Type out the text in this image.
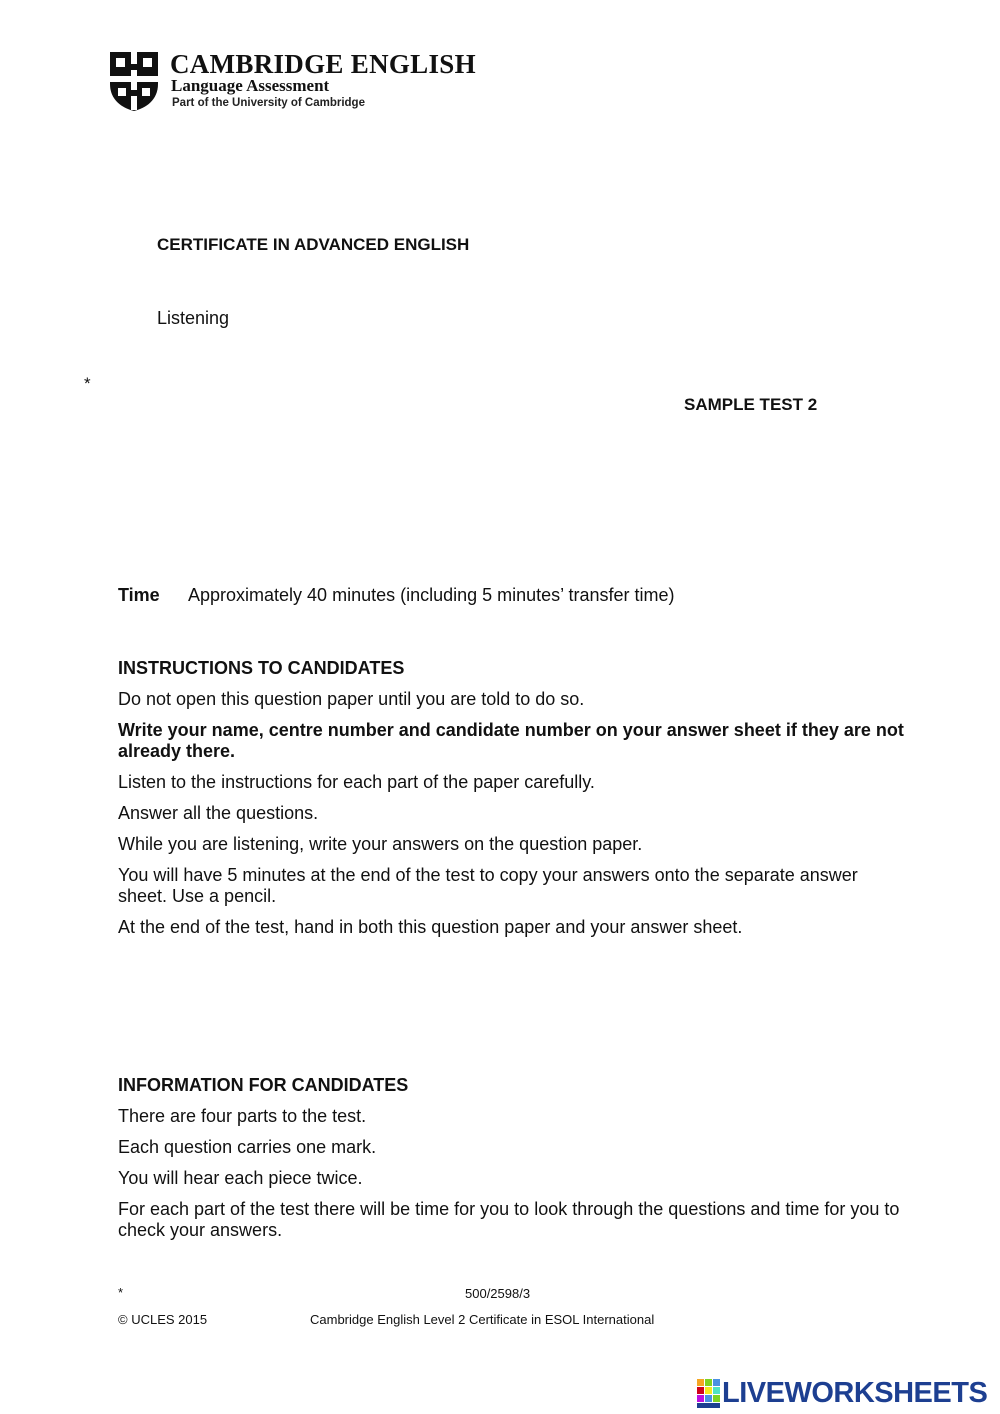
CAMBRIDGE ENGLISH
Language Assessment
Part of the University of Cambridge
CERTIFICATE IN ADVANCED ENGLISH
Listening
*
SAMPLE TEST 2
Time Approximately 40 minutes (including 5 minutes’ transfer time)
INSTRUCTIONS TO CANDIDATES

Do not open this question paper until you are told to do so.

Write your name, centre number and candidate number on your answer sheet if they are not already there.

Listen to the instructions for each part of the paper carefully.

Answer all the questions.

While you are listening, write your answers on the question paper.

You will have 5 minutes at the end of the test to copy your answers onto the separate answer sheet. Use a pencil.

At the end of the test, hand in both this question paper and your answer sheet.

INFORMATION FOR CANDIDATES

There are four parts to the test.

Each question carries one mark.

You will hear each piece twice.

For each part of the test there will be time for you to look through the questions and time for you to check your answers.

*	500/2598/3
© UCLES 2015	Cambridge English Level 2 Certificate in ESOL International
LIVEWORKSHEETS
